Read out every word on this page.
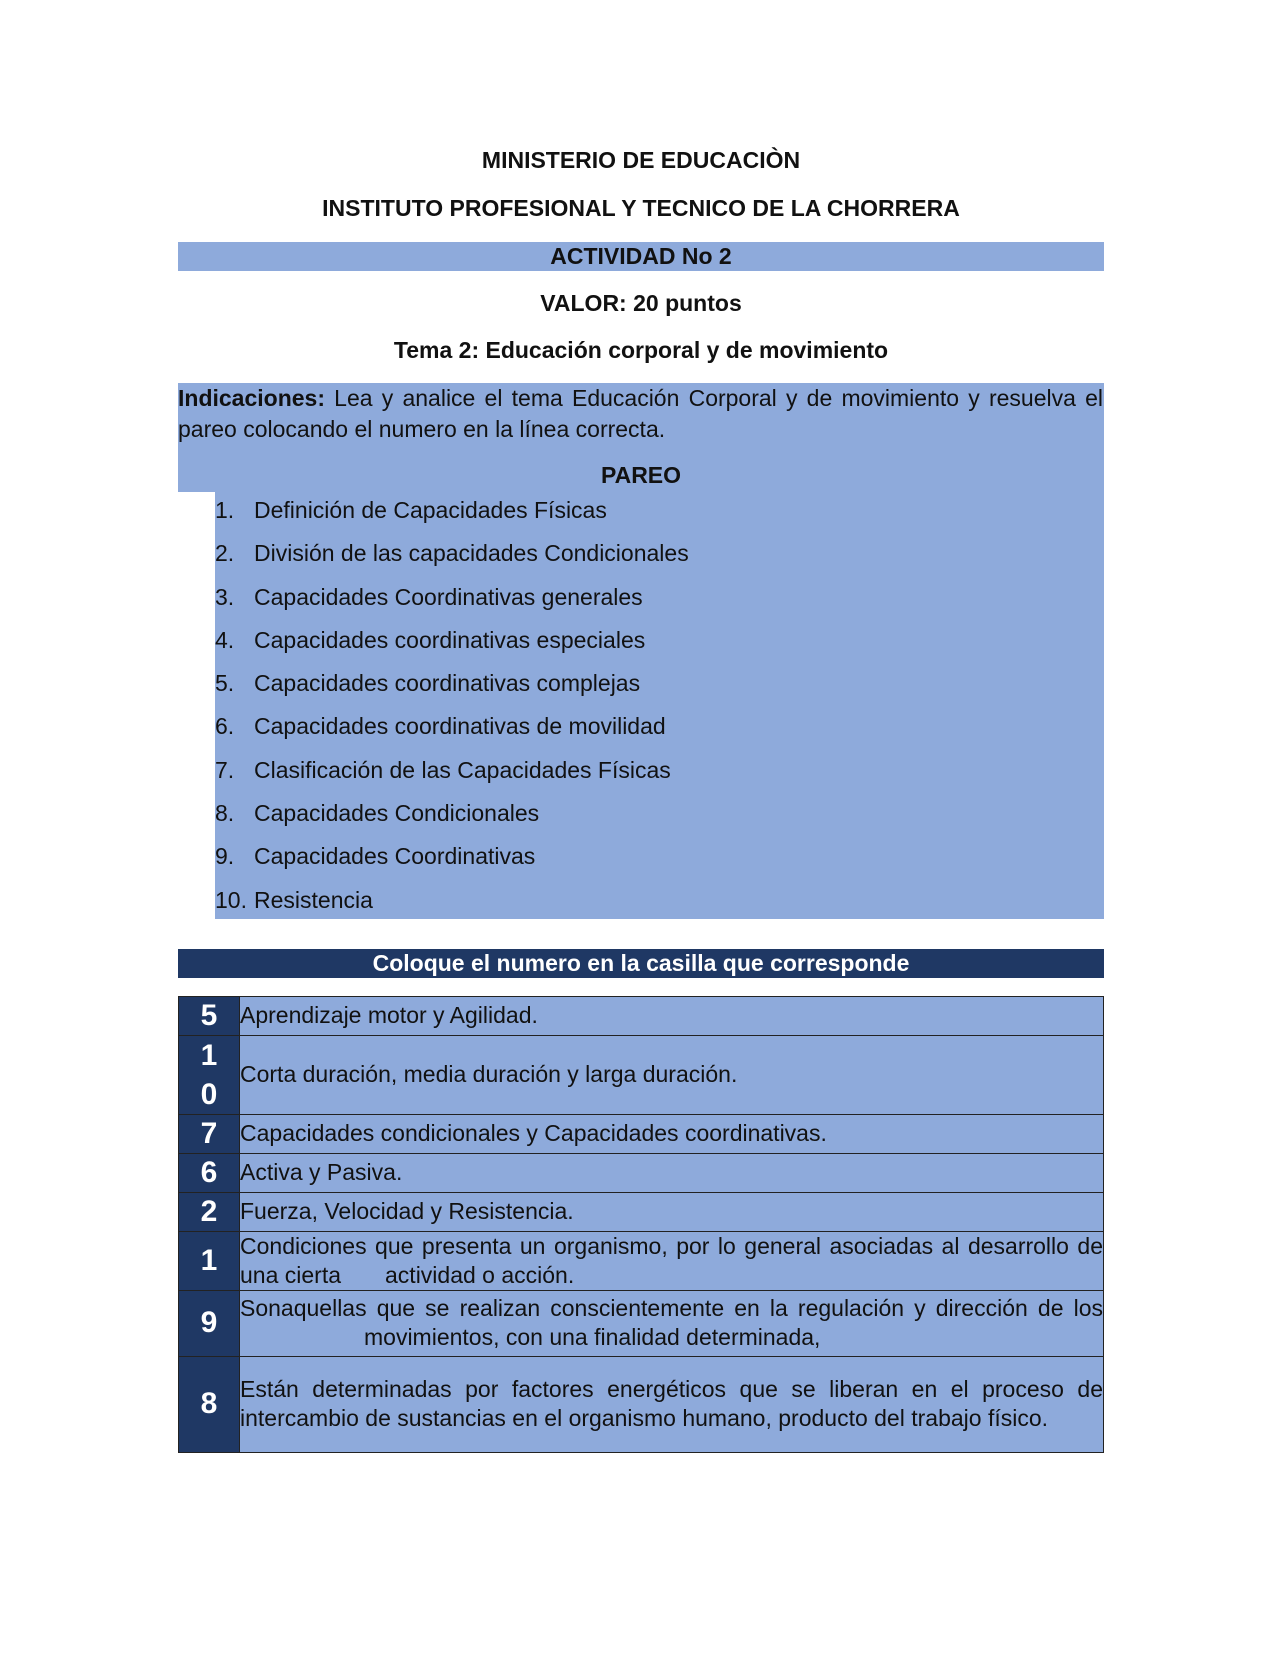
MINISTERIO DE EDUCACIÒN
INSTITUTO PROFESIONAL Y TECNICO DE LA CHORRERA
ACTIVIDAD No 2
VALOR: 20 puntos
Tema 2: Educación corporal y de movimiento
Indicaciones: Lea y analice el tema Educación Corporal y de movimiento y resuelva el pareo colocando el numero en la línea correcta.
PAREO
1. Definición de Capacidades Físicas
2. División de las capacidades Condicionales
3. Capacidades Coordinativas generales
4. Capacidades coordinativas especiales
5. Capacidades coordinativas complejas
6. Capacidades coordinativas de movilidad
7. Clasificación de las Capacidades Físicas
8. Capacidades Condicionales
9. Capacidades Coordinativas
10. Resistencia
Coloque el numero en la casilla que corresponde
5	Aprendizaje motor y Agilidad.
10	Corta duración, media duración y larga duración.
7	Capacidades condicionales y Capacidades coordinativas.
6	Activa y Pasiva.
2	Fuerza, Velocidad y Resistencia.
1	Condiciones que presenta un organismo, por lo general asociadas al desarrollo de una cierta actividad o acción.
9	Sonaquellas que se realizan conscientemente en la regulación y dirección de losmovimientos, con una finalidad determinada,
8	Están determinadas por factores energéticos que se liberan en el proceso de intercambio de sustancias en el organismo humano, producto del trabajo físico.
